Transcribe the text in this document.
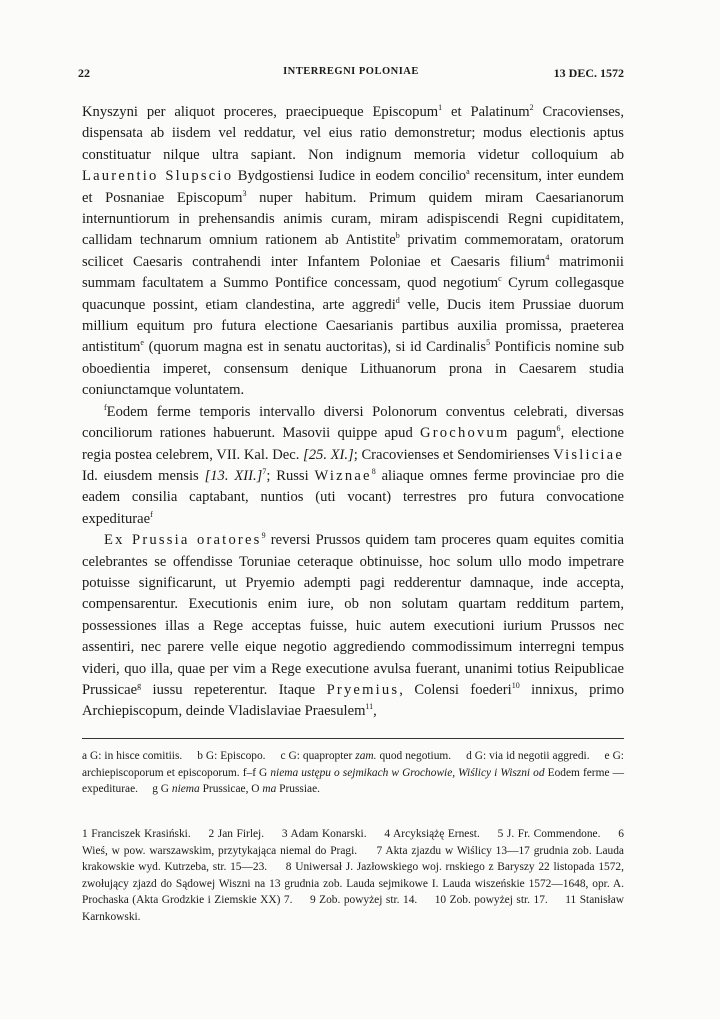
22	INTERREGNI POLONIAE	13 DEC. 1572

Knyszyni per aliquot proceres, praecipueque Episcopum$^1$ et Palatinum$^2$ Cracovienses, dispensata ab iisdem vel reddatur, vel eius ratio demonstretur; modus electionis aptus constituatur nilque ultra sapiant. Non indignum memoria videtur colloquium ab Laurentio Slupscio Bydgostiensi Iudice in eodem concilio$^a$ recensitum, inter eundem et Posnaniae Episcopum$^3$ nuper habitum. Primum quidem miram Caesarianorum internuntiorum in prehensandis animis curam, miram adispiscendi Regni cupiditatem, callidam technarum omnium rationem ab Antistite$^b$ privatim commemoratam, oratorum scilicet Caesaris contrahendi inter Infantem Poloniae et Caesaris filium$^4$ matrimonii summam facultatem a Summo Pontifice concessam, quod negotium$^c$ Cyrum collegasque quacunque possint, etiam clandestina, arte aggredi$^d$ velle, Ducis item Prussiae duorum millium equitum pro futura electione Caesarianis partibus auxilia promissa, praeterea antistitum$^e$ (quorum magna est in senatu auctoritas), si id Cardinalis$^5$ Pontificis nomine sub oboedientia imperet, consensum denique Lithuanorum prona in Caesarem studia coniunctamque voluntatem.

$^f$Eodem ferme temporis intervallo diversi Polonorum conventus celebrati, diversas conciliorum rationes habuerunt. Masovii quippe apud Grochovum pagum$^6$, electione regia postea celebrem, VII. Kal. Dec. [25. XI.]; Cracovienses et Sendomirienses Visliciae Id. eiusdem mensis [13. XII.]$^7$; Russi Wiznae$^8$ aliaque omnes ferme provinciae pro die eadem consilia captabant, nuntios (uti vocant) terrestres pro futura convocatione expediturae$^f$

Ex Prussia oratores$^9$ reversi Prussos quidem tam proceres quam equites comitia celebrantes se offendisse Toruniae ceteraque obtinuisse, hoc solum ullo modo impetrare potuisse significarunt, ut Pryemio adempti pagi redderentur damnaque, inde accepta, compensarentur. Executionis enim iure, ob non solutam quartam redditum partem, possessiones illas a Rege acceptas fuisse, huic autem executioni iurium Prussos nec assentiri, nec parere velle eique negotio aggrediendo commodissimum interregni tempus videri, quo illa, quae per vim a Rege executione avulsa fuerant, unanimi totius Reipublicae Prussicae$^g$ iussu repeterentur. Itaque Pryemius, Colensi foederi$^{10}$ innixus, primo Archiepiscopum, deinde Vladislaviae Praesulem$^{11}$,

a G: in hisce comitiis. b G: Episcopo. c G: quapropter zam. quod negotium. d G: via id negotii aggredi. e G: archiepiscoporum et episcoporum. f–f G niema ustępu o sejmikach w Grochowie, Wiślicy i Wiszni od Eodem ferme — expediturae. g G niema Prussicae, O ma Prussiae.

1 Franciszek Krasiński. 2 Jan Firlej. 3 Adam Konarski. 4 Arcyksiążę Ernest. 5 J. Fr. Commendone. 6 Wieś, w pow. warszawskim, przytykająca niemal do Pragi. 7 Akta zjazdu w Wiślicy 13—17 grudnia zob. Lauda krakowskie wyd. Kutrzeba, str. 15—23. 8 Uniwersał J. Jazłowskiego woj. rnskiego z Baryszy 22 listopada 1572, zwołujący zjazd do Sądowej Wiszni na 13 grudnia zob. Lauda sejmikowe I. Lauda wiszeńskie 1572—1648, opr. A. Prochaska (Akta Grodzkie i Ziemskie XX) 7. 9 Zob. powyżej str. 14. 10 Zob. powyżej str. 17. 11 Stanisław Karnkowski.
